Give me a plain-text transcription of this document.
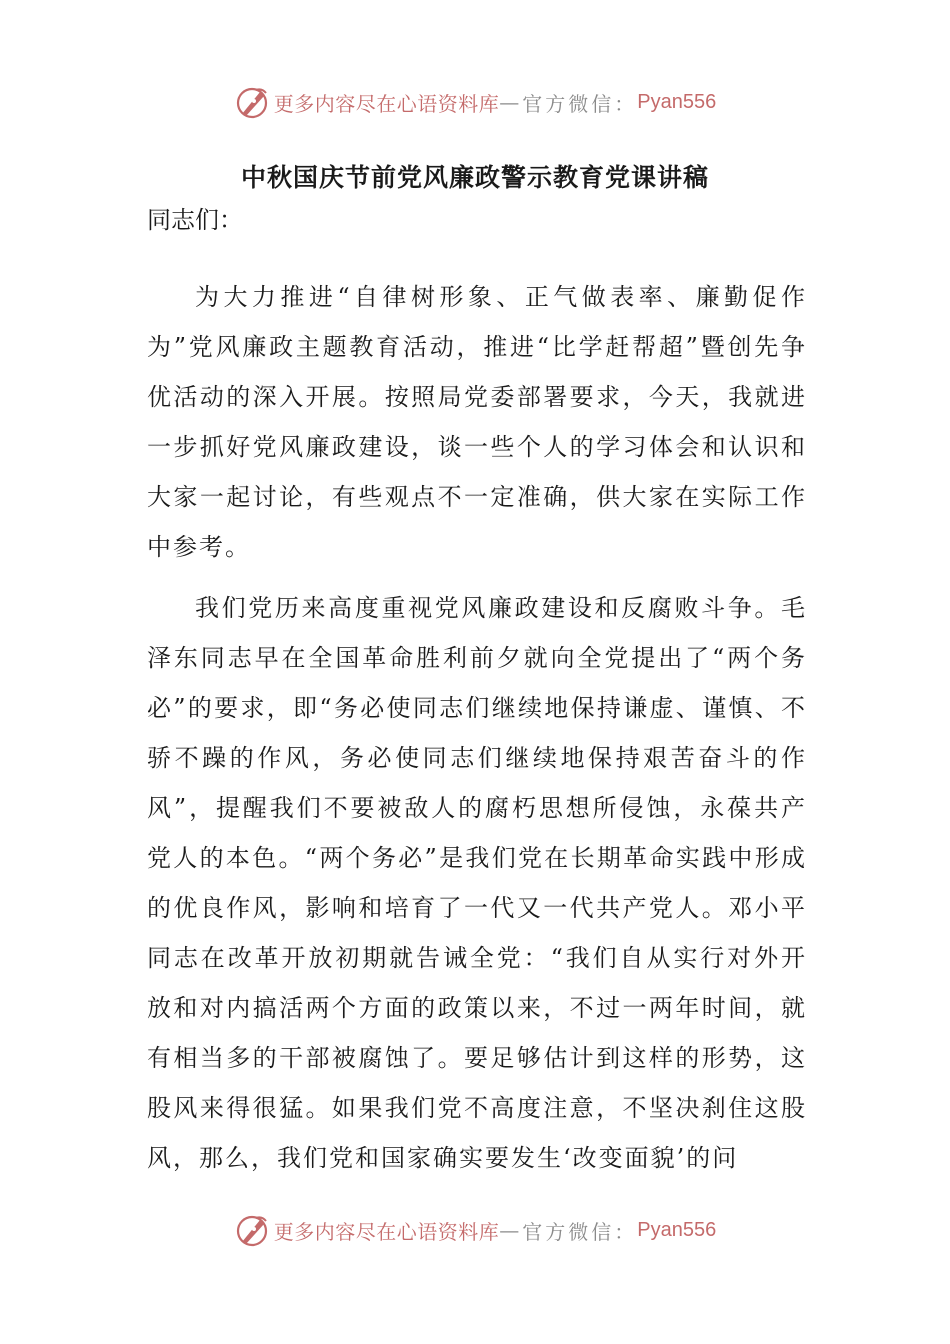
更多内容尽在心语资料库 — 官方微信： Pyan556
中秋国庆节前党风廉政警示教育党课讲稿
同志们：

为大力推进“自律树形象、正气做表率、廉勤促作为”党风廉政主题教育活动，推进“比学赶帮超”暨创先争优活动的深入开展。按照局党委部署要求，今天，我就进一步抓好党风廉政建设，谈一些个人的学习体会和认识和大家一起讨论，有些观点不一定准确，供大家在实际工作中参考。

我们党历来高度重视党风廉政建设和反腐败斗争。毛泽东同志早在全国革命胜利前夕就向全党提出了“两个务必”的要求，即“务必使同志们继续地保持谦虚、谨慎、不骄不躁的作风，务必使同志们继续地保持艰苦奋斗的作风”，提醒我们不要被敌人的腐朽思想所侵蚀，永葆共产党人的本色。“两个务必”是我们党在长期革命实践中形成的优良作风，影响和培育了一代又一代共产党人。邓小平同志在改革开放初期就告诫全党：“我们自从实行对外开放和对内搞活两个方面的政策以来，不过一两年时间，就有相当多的干部被腐蚀了。要足够估计到这样的形势，这股风来得很猛。如果我们党不高度注意，不坚决刹住这股风，那么，我们党和国家确实要发生‘改变面貌’的问

更多内容尽在心语资料库 — 官方微信： Pyan556
